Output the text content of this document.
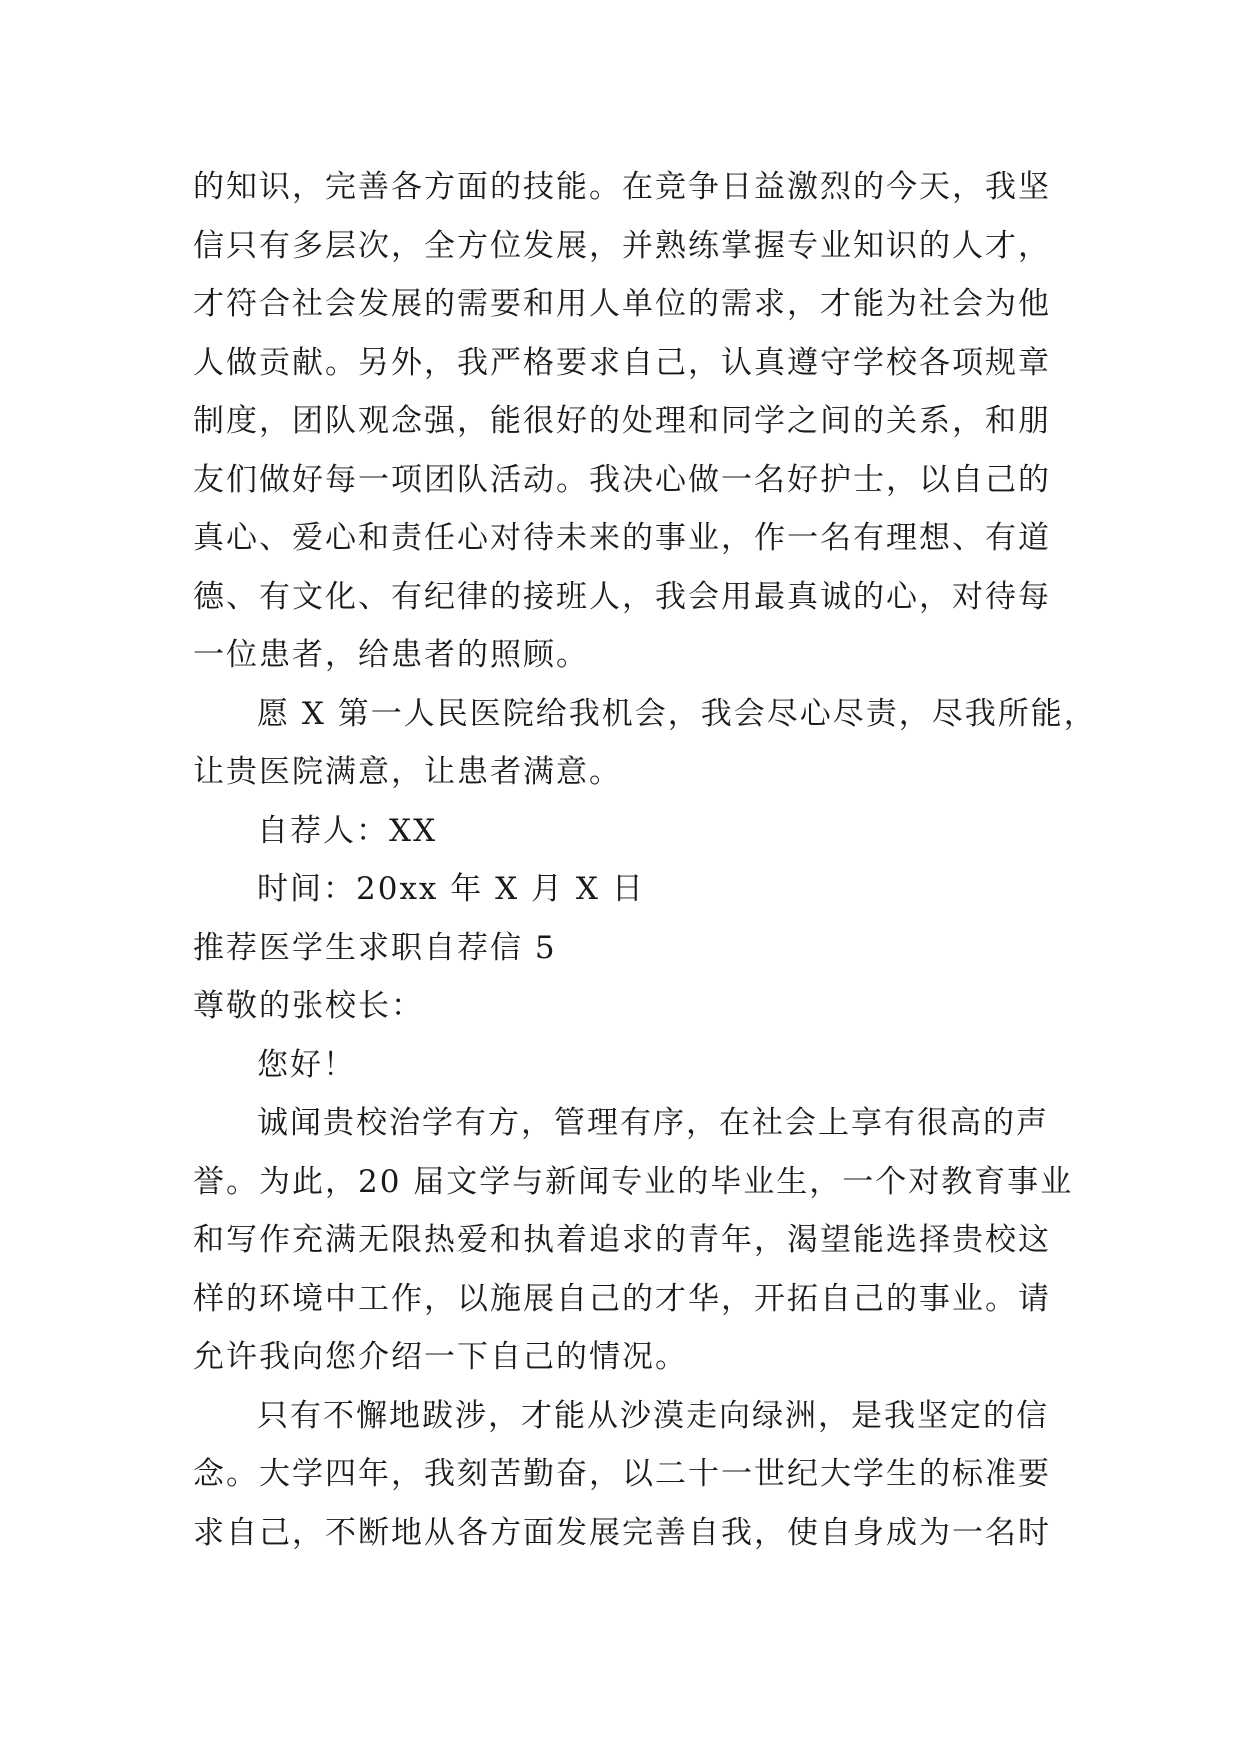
的知识，完善各方面的技能。在竞争日益激烈的今天，我坚
信只有多层次，全方位发展，并熟练掌握专业知识的人才，
才符合社会发展的需要和用人单位的需求，才能为社会为他
人做贡献。另外，我严格要求自己，认真遵守学校各项规章
制度，团队观念强，能很好的处理和同学之间的关系，和朋
友们做好每一项团队活动。我决心做一名好护士，以自己的
真心、爱心和责任心对待未来的事业，作一名有理想、有道
德、有文化、有纪律的接班人，我会用最真诚的心，对待每
一位患者，给患者的照顾。
愿 X 第一人民医院给我机会，我会尽心尽责，尽我所能，
让贵医院满意，让患者满意。
自荐人：XX
时间：20xx 年 X 月 X 日
推荐医学生求职自荐信 5
尊敬的张校长：
您好！
诚闻贵校治学有方，管理有序，在社会上享有很高的声
誉。为此，20 届文学与新闻专业的毕业生，一个对教育事业
和写作充满无限热爱和执着追求的青年，渴望能选择贵校这
样的环境中工作，以施展自己的才华，开拓自己的事业。请
允许我向您介绍一下自己的情况。
只有不懈地跋涉，才能从沙漠走向绿洲，是我坚定的信
念。大学四年，我刻苦勤奋，以二十一世纪大学生的标准要
求自己，不断地从各方面发展完善自我，使自身成为一名时
